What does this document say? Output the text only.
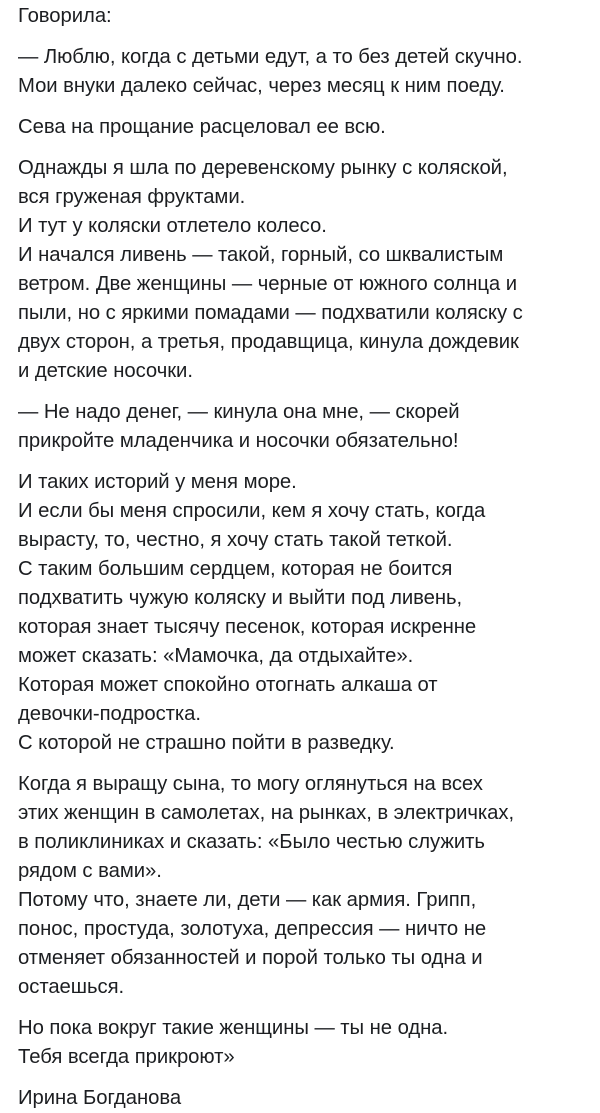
Говорила:

— Люблю, когда с детьми едут, а то без детей скучно.
Мои внуки далеко сейчас, через месяц к ним поеду.

Сева на прощание расцеловал ее всю.

Однажды я шла по деревенскому рынку с коляской,
вся груженая фруктами.
И тут у коляски отлетело колесо.
И начался ливень — такой, горный, со шквалистым
ветром. Две женщины — черные от южного солнца и
пыли, но с яркими помадами — подхватили коляску с
двух сторон, а третья, продавщица, кинула дождевик
и детские носочки.

— Не надо денег, — кинула она мне, — скорей
прикройте младенчика и носочки обязательно!

И таких историй у меня море.
И если бы меня спросили, кем я хочу стать, когда
вырасту, то, честно, я хочу стать такой теткой.
С таким большим сердцем, которая не боится
подхватить чужую коляску и выйти под ливень,
которая знает тысячу песенок, которая искренне
может сказать: «Мамочка, да отдыхайте».
Которая может спокойно отогнать алкаша от
девочки-подростка.
С которой не страшно пойти в разведку.

Когда я выращу сына, то могу оглянуться на всех
этих женщин в самолетах, на рынках, в электричках,
в поликлиниках и сказать: «Было честью служить
рядом с вами».
Потому что, знаете ли, дети — как армия. Грипп,
понос, простуда, золотуха, депрессия — ничто не
отменяет обязанностей и порой только ты одна и
остаешься.

Но пока вокруг такие женщины — ты не одна.
Тебя всегда прикроют»

Ирина Богданова
